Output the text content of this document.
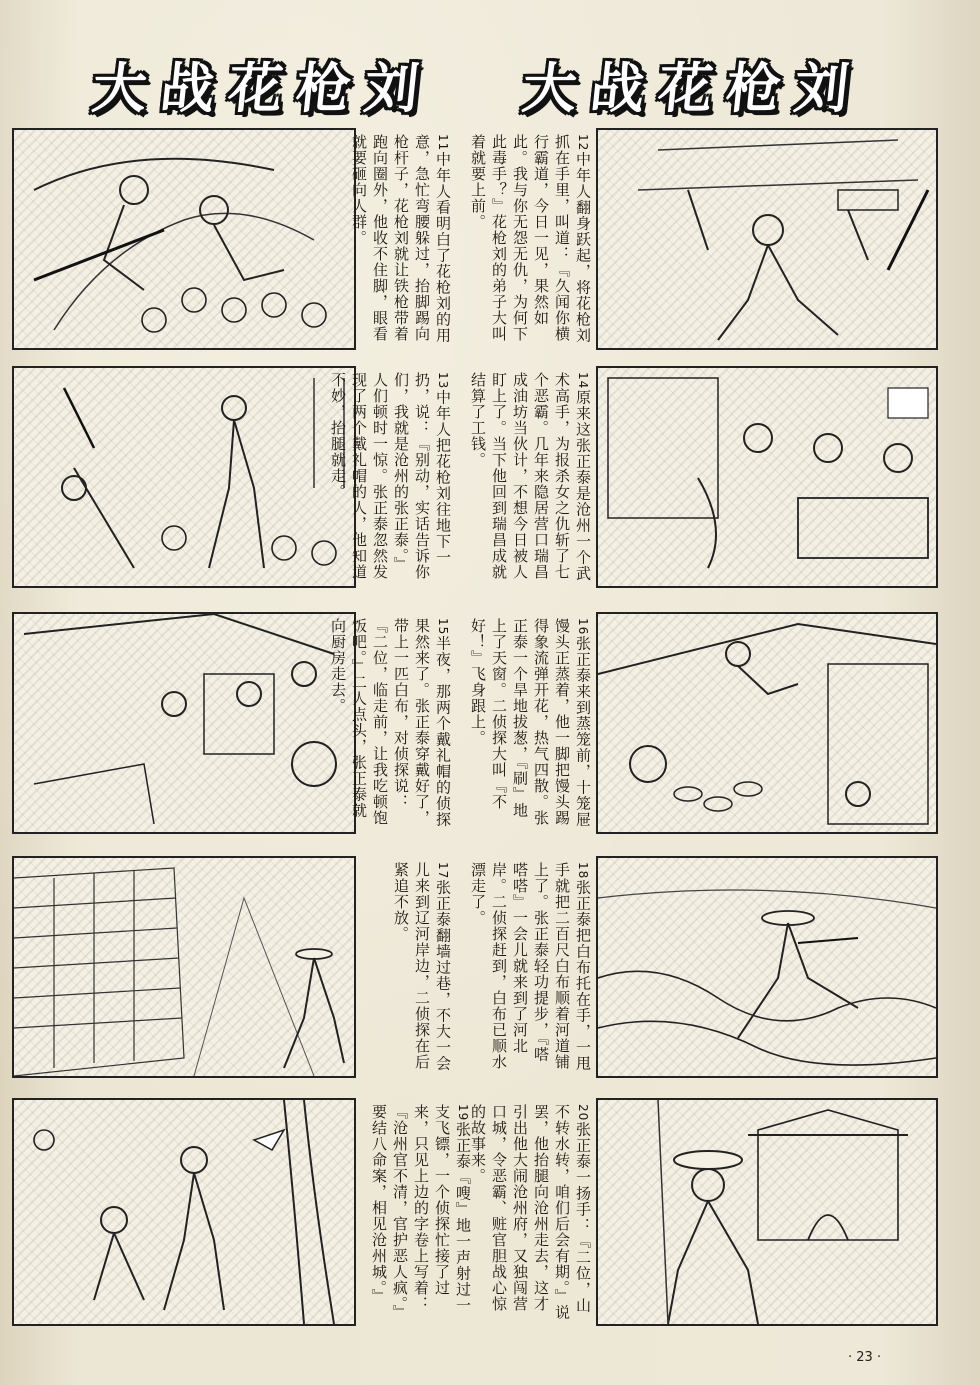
大战花枪刘 大战花枪刘
11中年人看明白了花枪刘的用意，急忙弯腰躲过，抬脚踢向枪杆子，花枪刘就让铁枪带着跑向圈外，他收不住脚，眼看就要砸向人群。	12中年人翻身跃起，将花枪刘抓在手里，叫道：『久闻你横行霸道，今日一见，果然如此。我与你无怨无仇，为何下此毒手？』花枪刘的弟子大叫着就要上前。
13中年人把花枪刘往地下一扔，说：『别动，实话告诉你们，我就是沧州的张正泰。』人们顿时一惊。张正泰忽然发现了两个戴礼帽的人，他知道不妙，抬腿就走。	14原来这张正泰是沧州一个武术高手，为报杀女之仇斩了七个恶霸。几年来隐居营口瑞昌成油坊当伙计，不想今日被人盯上了。当下他回到瑞昌成就结算了工钱。
15半夜，那两个戴礼帽的侦探果然来了。张正泰穿戴好了，带上一匹白布，对侦探说：『二位，临走前，让我吃顿饱饭吧。』二人点头，张正泰就向厨房走去。	16张正泰来到蒸笼前，十笼屉馒头正蒸着，他一脚把馒头踢得象流弹开花，热气四散。张正泰一个旱地拔葱，『刷』地上了天窗。二侦探大叫『不好！』飞身跟上。
17张正泰翻墙过巷，不大一会儿来到辽河岸边，二侦探在后紧追不放。	18张正泰把白布托在手，一甩手就把二百尺白布顺着河道铺上了。张正泰轻功提步，『嗒嗒嗒』一会儿就来到了河北岸。二侦探赶到，白布已顺水漂走了。
19张正泰『嗖』地一声射过一支飞镖，一个侦探忙接了过来，只见上边的字卷上写着：『沧州官不清，官护恶人疯。』要结八命案，相见沧州城。』	20张正泰一扬手：『二位，山不转水转，咱们后会有期。』说罢，他抬腿向沧州走去，这才引出他大闹沧州府，又独闯营口城，令恶霸、赃官胆战心惊的故事来。
· 23 ·
